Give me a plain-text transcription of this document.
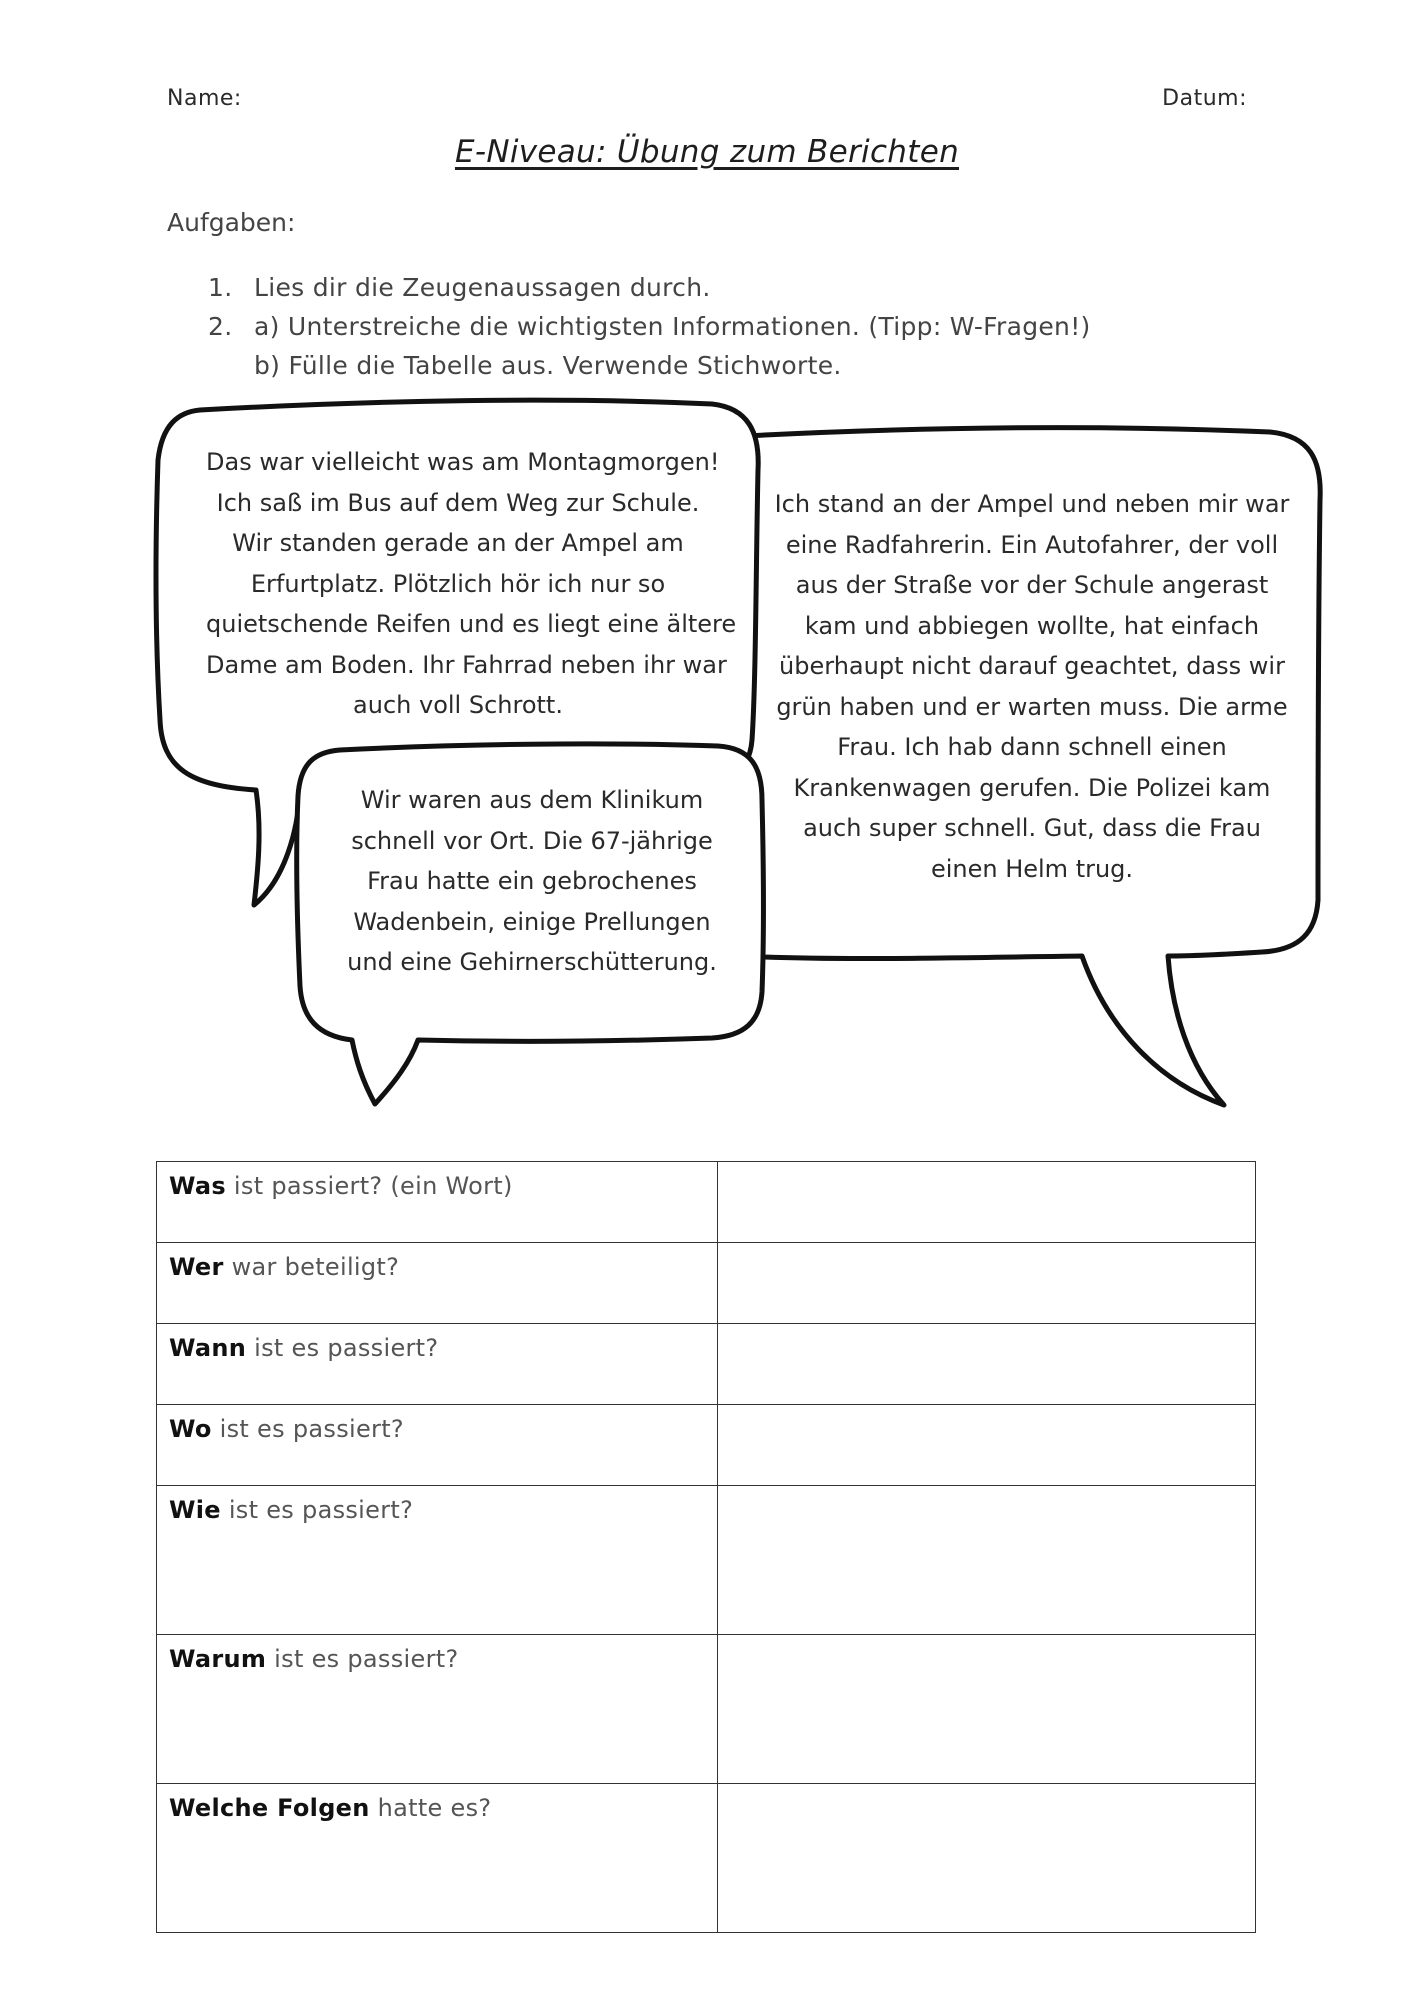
Name:	Datum:
E-Niveau: Übung zum Berichten
Aufgaben:
1. Lies dir die Zeugenaussagen durch.
2. a) Unterstreiche die wichtigsten Informationen. (Tipp: W-Fragen!)
b) Fülle die Tabelle aus. Verwende Stichworte.
Das war vielleicht was am Montagmorgen!
Ich saß im Bus auf dem Weg zur Schule.
Wir standen gerade an der Ampel am
Erfurtplatz. Plötzlich hör ich nur so
quietschende Reifen und es liegt eine ältere
Dame am Boden. Ihr Fahrrad neben ihr war
auch voll Schrott.
Ich stand an der Ampel und neben mir war
eine Radfahrerin. Ein Autofahrer, der voll
aus der Straße vor der Schule angerast
kam und abbiegen wollte, hat einfach
überhaupt nicht darauf geachtet, dass wir
grün haben und er warten muss. Die arme
Frau. Ich hab dann schnell einen
Krankenwagen gerufen. Die Polizei kam
auch super schnell. Gut, dass die Frau
einen Helm trug.
Wir waren aus dem Klinikum
schnell vor Ort. Die 67-jährige
Frau hatte ein gebrochenes
Wadenbein, einige Prellungen
und eine Gehirnerschütterung.
Was ist passiert? (ein Wort)	
Wer war beteiligt?	
Wann ist es passiert?	
Wo ist es passiert?	
Wie ist es passiert?	
Warum ist es passiert?	
Welche Folgen hatte es?	
